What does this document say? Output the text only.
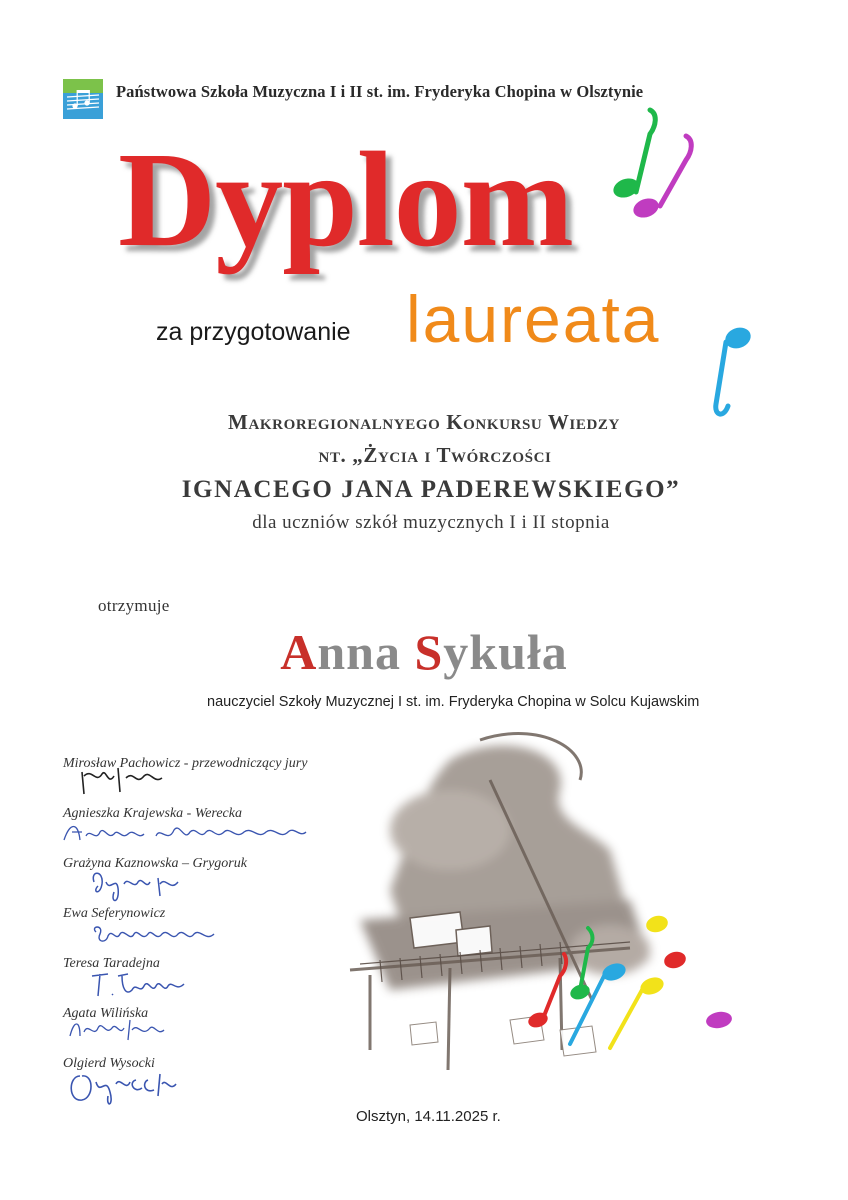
Państwowa Szkoła Muzyczna I i II st. im. Fryderyka Chopina w Olsztynie
Dyplom
za przygotowanie laureata
Makroregionalnyego Konkursu Wiedzy
nt. „Życia i Twórczości
IGNACEGO JANA PADEREWSKIEGO”
dla uczniów szkół muzycznych I i II stopnia
otrzymuje
Anna Sykuła
nauczyciel Szkoły Muzycznej I st. im. Fryderyka Chopina w Solcu Kujawskim
Mirosław Pachowicz - przewodniczący jury
Agnieszka Krajewska - Werecka
Grażyna Kaznowska – Grygoruk
Ewa Seferynowicz
Teresa Taradejna
Agata Wilińska
Olgierd Wysocki
Olsztyn, 14.11.2025 r.
